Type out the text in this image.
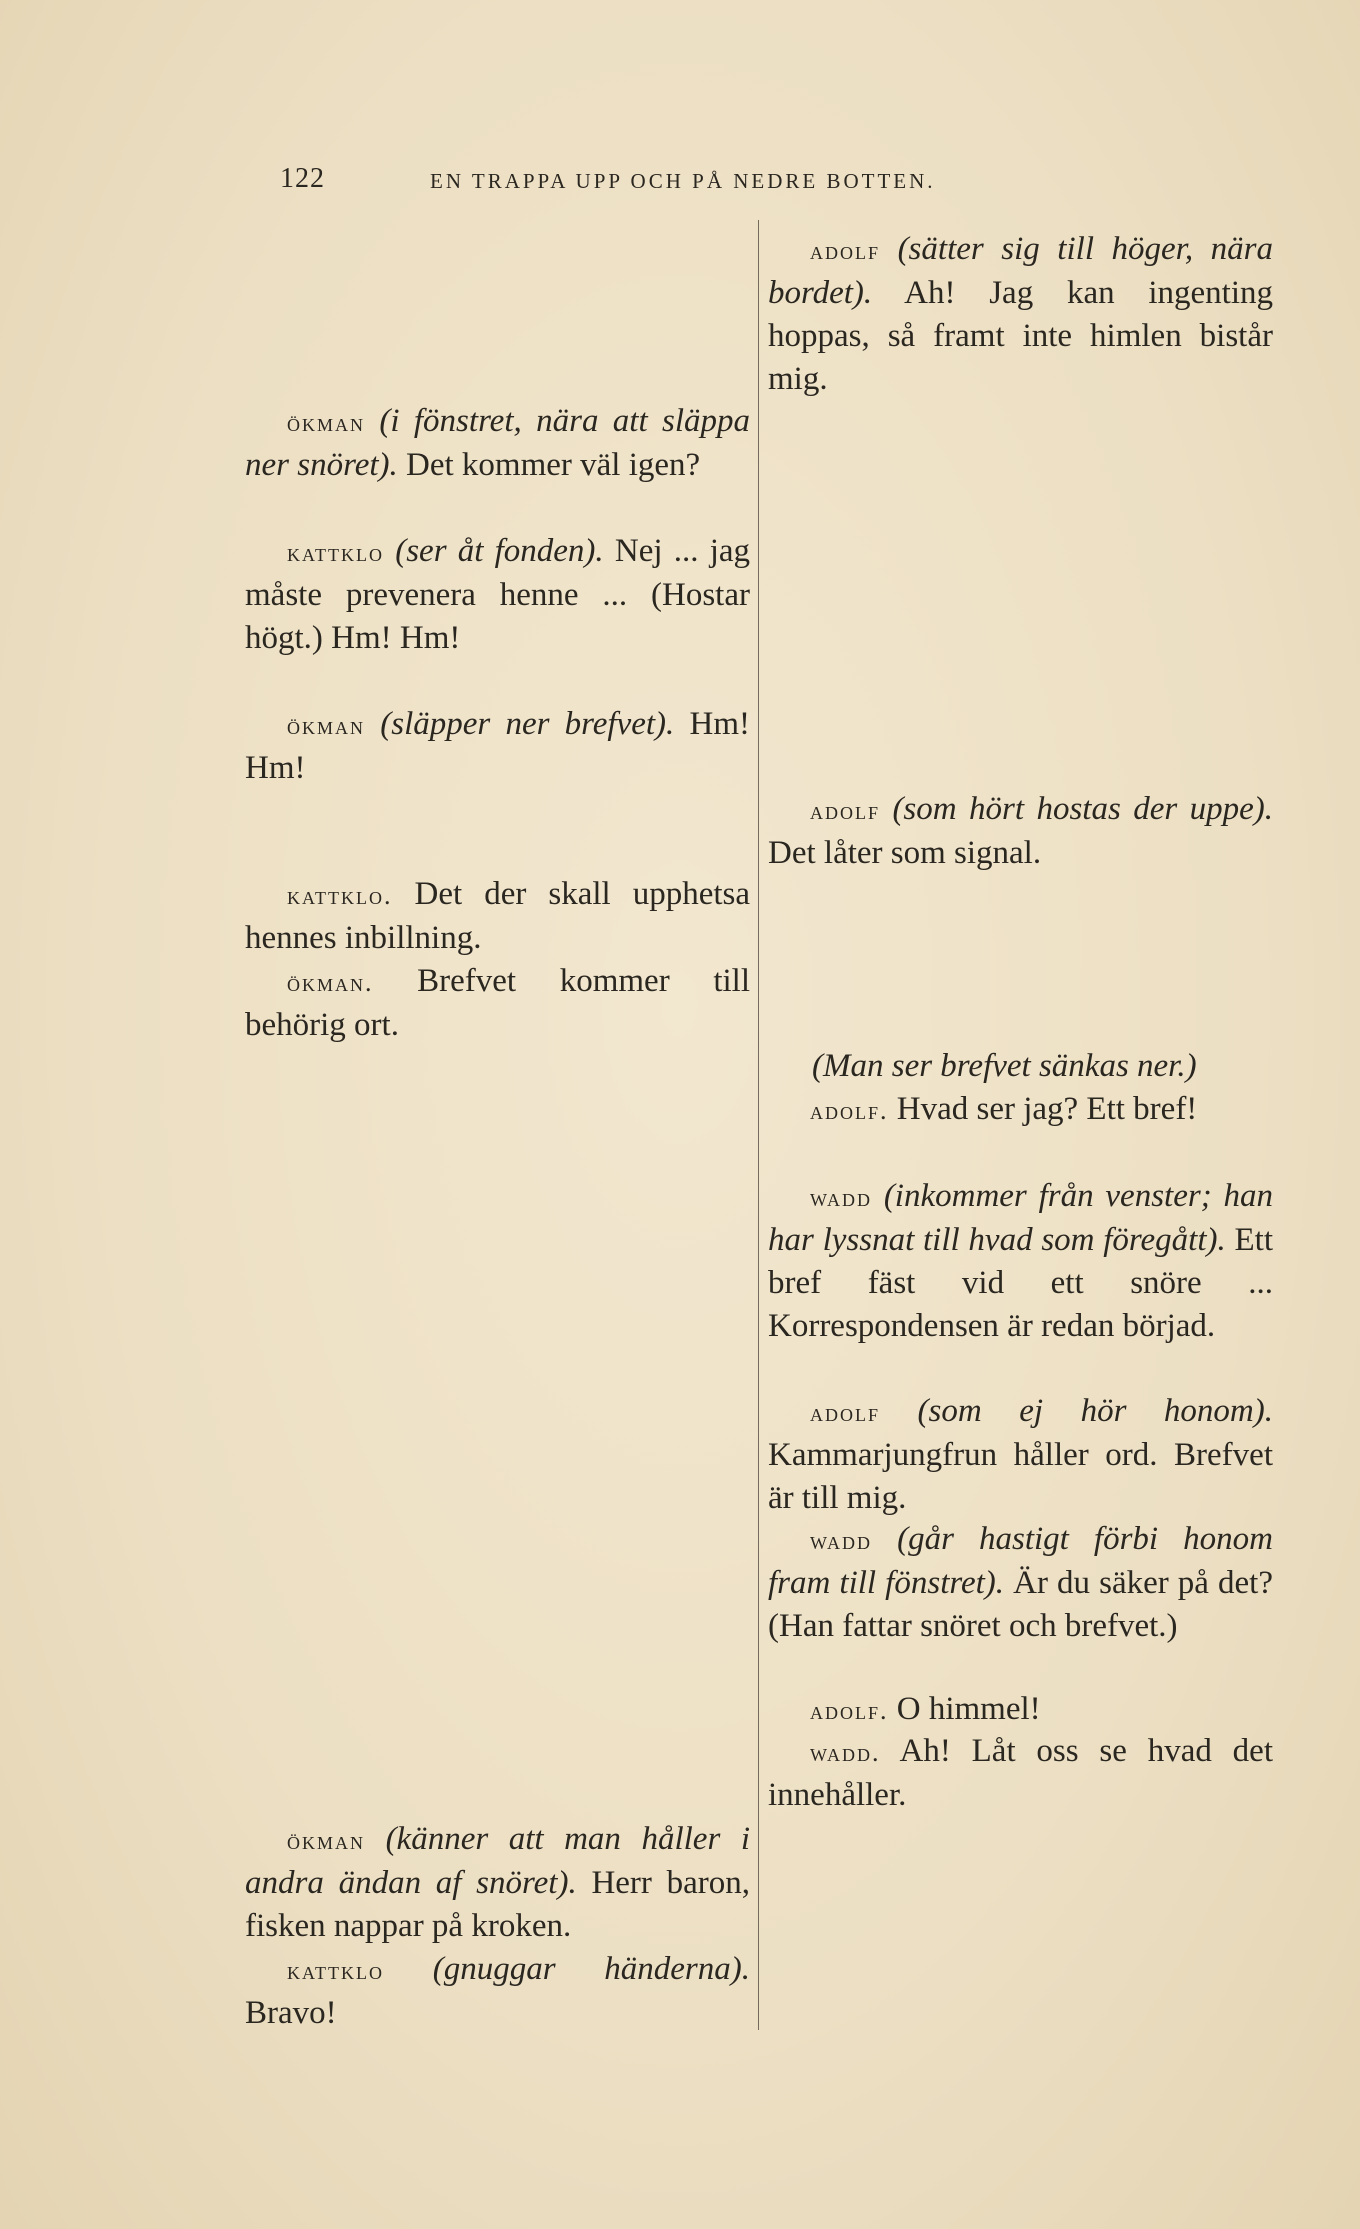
122	EN TRAPPA UPP OCH PÅ NEDRE BOTTEN.

ökman (i fönstret, nära att släppa ner snöret). Det kommer väl igen?

kattklo (ser åt fonden). Nej ... jag måste prevenera henne ... (Hostar högt.) Hm! Hm!

ökman (släpper ner brefvet). Hm! Hm!

kattklo. Det der skall upphetsa hennes inbillning.

ökman. Brefvet kommer till behörig ort.

ökman (känner att man håller i andra ändan af snöret). Herr baron, fisken nappar på kroken.

kattklo (gnuggar händerna). Bravo!

adolf (sätter sig till höger, nära bordet). Ah! Jag kan ingenting hoppas, så framt inte himlen bistår mig.

adolf (som hört hostas der uppe). Det låter som signal.

(Man ser brefvet sänkas ner.)

adolf. Hvad ser jag? Ett bref!

wadd (inkommer från venster; han har lyssnat till hvad som föregått). Ett bref fäst vid ett snöre ... Korrespondensen är redan börjad.

adolf (som ej hör honom). Kammarjungfrun håller ord. Brefvet är till mig.

wadd (går hastigt förbi honom fram till fönstret). Är du säker på det? (Han fattar snöret och brefvet.)

adolf. O himmel!

wadd. Ah! Låt oss se hvad det innehåller.
